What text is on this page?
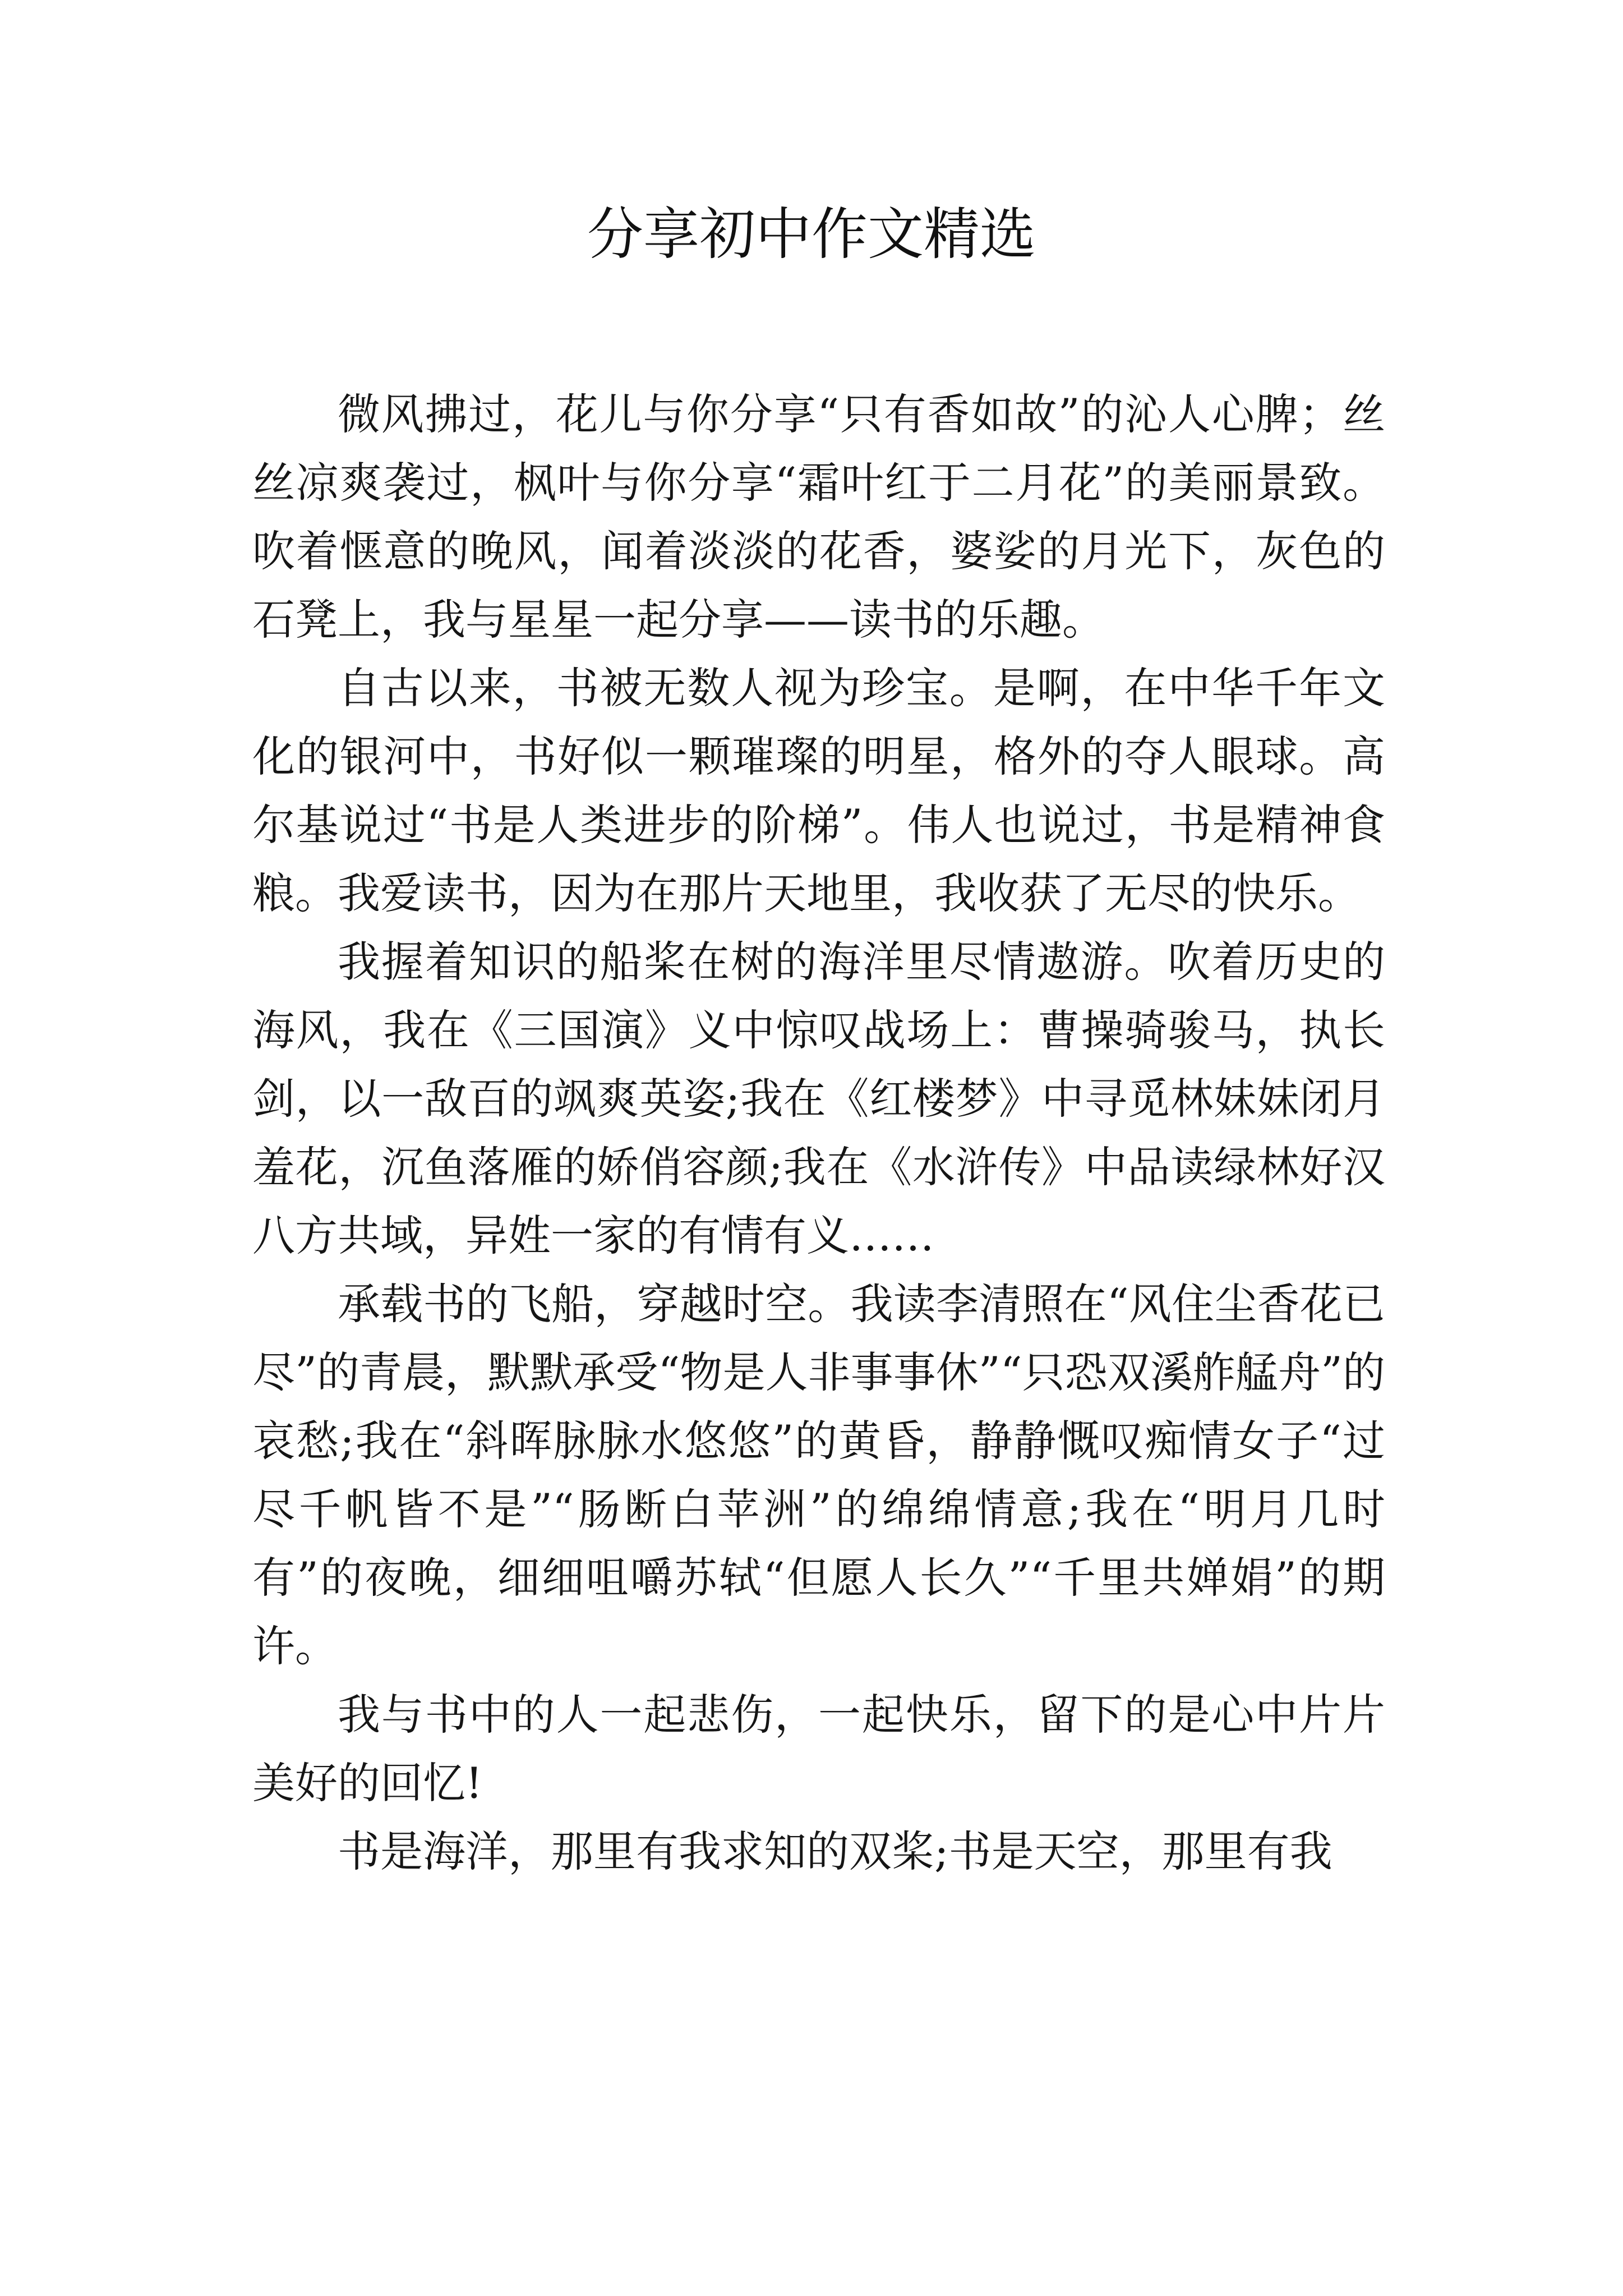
分享初中作文精选

微风拂过，花儿与你分享“只有香如故”的沁人心脾；丝丝凉爽袭过，枫叶与你分享“霜叶红于二月花”的美丽景致。吹着惬意的晚风，闻着淡淡的花香，婆娑的月光下，灰色的石凳上，我与星星一起分享——读书的乐趣。

自古以来，书被无数人视为珍宝。是啊，在中华千年文化的银河中，书好似一颗璀璨的明星，格外的夺人眼球。高尔基说过“书是人类进步的阶梯”。伟人也说过，书是精神食粮。我爱读书，因为在那片天地里，我收获了无尽的快乐。

我握着知识的船桨在树的海洋里尽情遨游。吹着历史的海风，我在《三国演》义中惊叹战场上：曹操骑骏马，执长剑，以一敌百的飒爽英姿;我在《红楼梦》中寻觅林妹妹闭月羞花，沉鱼落雁的娇俏容颜;我在《水浒传》中品读绿林好汉八方共域，异姓一家的有情有义……

承载书的飞船，穿越时空。我读李清照在“风住尘香花已尽”的青晨，默默承受“物是人非事事休”“只恐双溪舴艋舟”的哀愁;我在“斜晖脉脉水悠悠”的黄昏，静静慨叹痴情女子“过尽千帆皆不是”“肠断白苹洲”的绵绵情意;我在“明月几时有”的夜晚，细细咀嚼苏轼“但愿人长久”“千里共婵娟”的期许。

我与书中的人一起悲伤，一起快乐，留下的是心中片片美好的回忆!

书是海洋，那里有我求知的双桨;书是天空，那里有我
